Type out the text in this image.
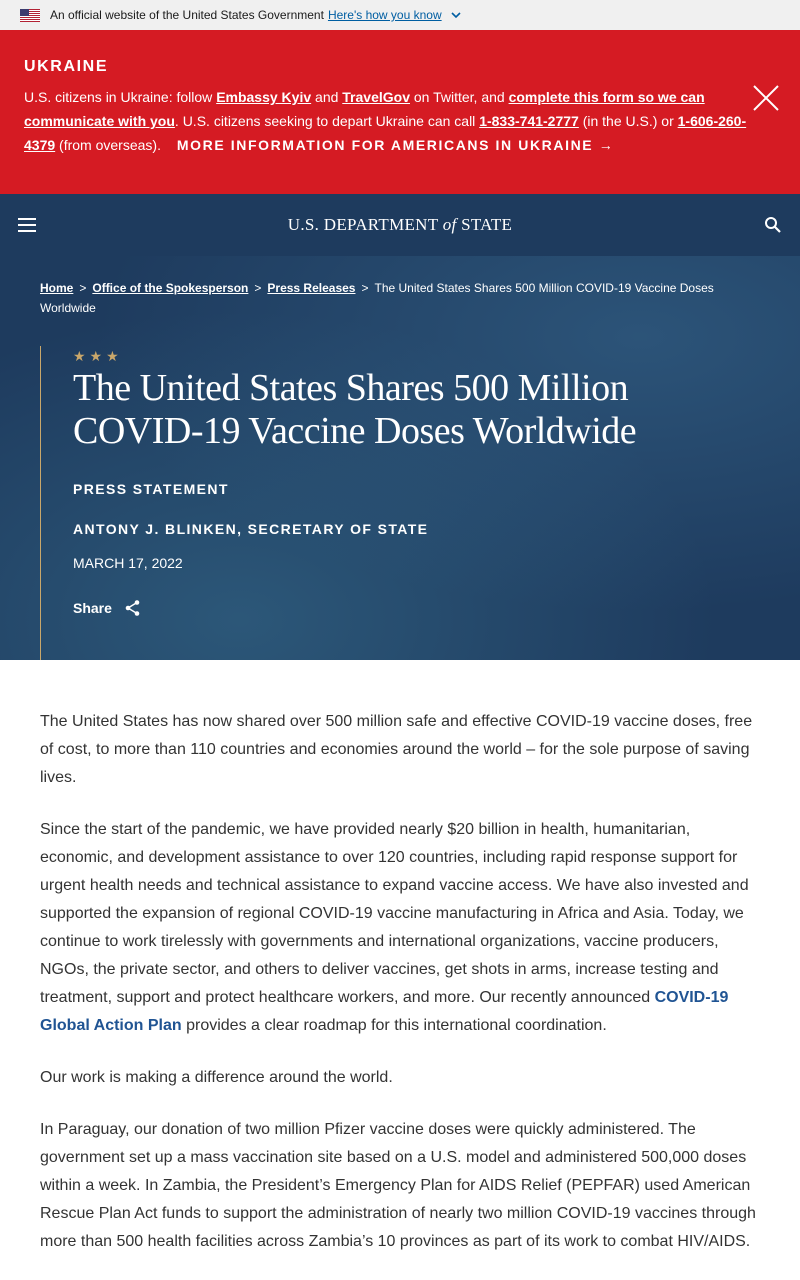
An official website of the United States Government Here's how you know
UKRAINE

U.S. citizens in Ukraine: follow Embassy Kyiv and TravelGov on Twitter, and complete this form so we can communicate with you. U.S. citizens seeking to depart Ukraine can call 1-833-741-2777 (in the U.S.) or 1-606-260-4379 (from overseas). MORE INFORMATION FOR AMERICANS IN UKRAINE →

U.S. DEPARTMENT of STATE
Home > Office of the Spokesperson > Press Releases > The United States Shares 500 Million COVID-19 Vaccine Doses Worldwide
★★★
The United States Shares 500 Million COVID-19 Vaccine Doses Worldwide
PRESS STATEMENT
ANTONY J. BLINKEN, SECRETARY OF STATE
MARCH 17, 2022
Share

The United States has now shared over 500 million safe and effective COVID-19 vaccine doses, free of cost, to more than 110 countries and economies around the world – for the sole purpose of saving lives.

Since the start of the pandemic, we have provided nearly $20 billion in health, humanitarian, economic, and development assistance to over 120 countries, including rapid response support for urgent health needs and technical assistance to expand vaccine access. We have also invested and supported the expansion of regional COVID-19 vaccine manufacturing in Africa and Asia. Today, we continue to work tirelessly with governments and international organizations, vaccine producers, NGOs, the private sector, and others to deliver vaccines, get shots in arms, increase testing and treatment, support and protect healthcare workers, and more. Our recently announced COVID-19 Global Action Plan provides a clear roadmap for this international coordination.

Our work is making a difference around the world.

In Paraguay, our donation of two million Pfizer vaccine doses were quickly administered. The government set up a mass vaccination site based on a U.S. model and administered 500,000 doses within a week. In Zambia, the President’s Emergency Plan for AIDS Relief (PEPFAR) used American Rescue Plan Act funds to support the administration of nearly two million COVID-19 vaccines through more than 500 health facilities across Zambia’s 10 provinces as part of its work to combat HIV/AIDS.
